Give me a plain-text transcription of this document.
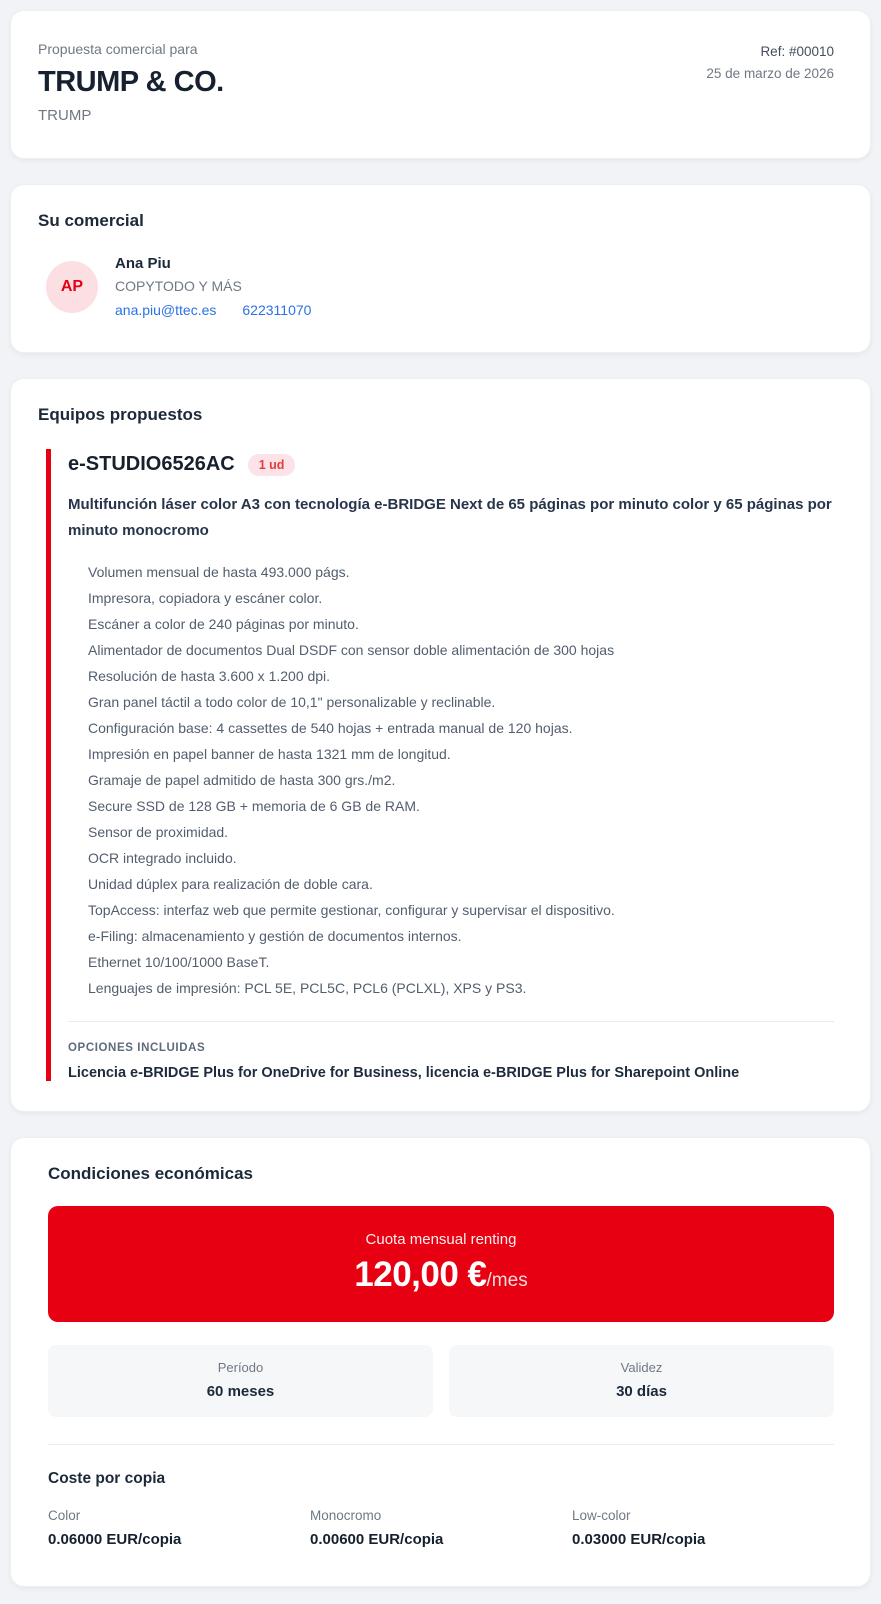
Propuesta comercial para
TRUMP & CO.
TRUMP
Ref: #00010
25 de marzo de 2026
Su comercial
AP
Ana Piu
COPYTODO Y MÁS
ana.piu@ttec.es 622311070
Equipos propuestos
e-STUDIO6526AC	1 ud
Multifunción láser color A3 con tecnología e-BRIDGE Next de 65 páginas por minuto color y 65 páginas por minuto monocromo
Volumen mensual de hasta 493.000 págs.
Impresora, copiadora y escáner color.
Escáner a color de 240 páginas por minuto.
Alimentador de documentos Dual DSDF con sensor doble alimentación de 300 hojas
Resolución de hasta 3.600 x 1.200 dpi.
Gran panel táctil a todo color de 10,1" personalizable y reclinable.
Configuración base: 4 cassettes de 540 hojas + entrada manual de 120 hojas.
Impresión en papel banner de hasta 1321 mm de longitud.
Gramaje de papel admitido de hasta 300 grs./m2.
Secure SSD de 128 GB + memoria de 6 GB de RAM.
Sensor de proximidad.
OCR integrado incluido.
Unidad dúplex para realización de doble cara.
TopAccess: interfaz web que permite gestionar, configurar y supervisar el dispositivo.
e-Filing: almacenamiento y gestión de documentos internos.
Ethernet 10/100/1000 BaseT.
Lenguajes de impresión: PCL 5E, PCL5C, PCL6 (PCLXL), XPS y PS3.
OPCIONES INCLUIDAS
Licencia e-BRIDGE Plus for OneDrive for Business, licencia e-BRIDGE Plus for Sharepoint Online
Condiciones económicas
Cuota mensual renting
120,00 €/mes
Período
60 meses
Validez
30 días
Coste por copia
Color
0.06000 EUR/copia
Monocromo
0.00600 EUR/copia
Low-color
0.03000 EUR/copia
